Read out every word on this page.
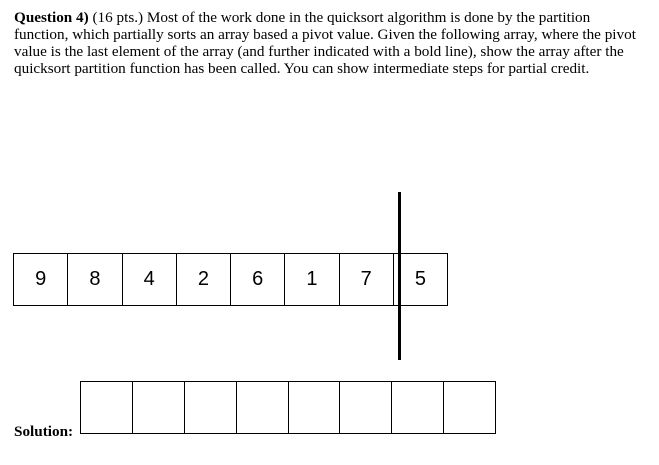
Question 4) (16 pts.) Most of the work done in the quicksort algorithm is done by the partition function, which partially sorts an array based a pivot value. Given the following array, where the pivot value is the last element of the array (and further indicated with a bold line), show the array after the quicksort partition function has been called. You can show intermediate steps for partial credit.

9	8	4	2	6	1	7	5
Solution:
